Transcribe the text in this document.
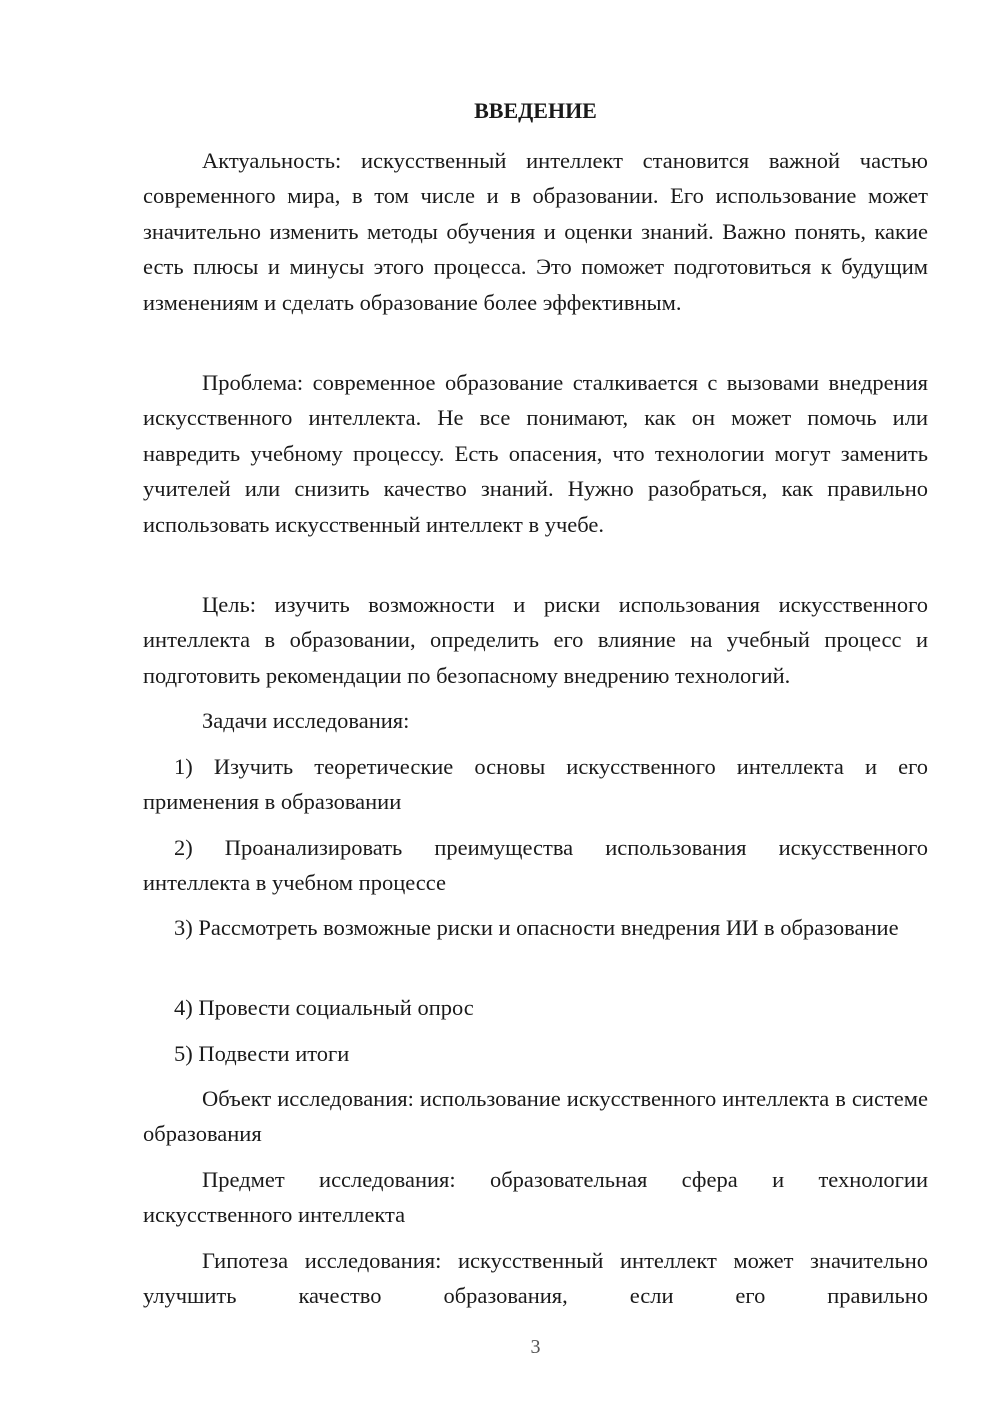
ВВЕДЕНИЕ

Актуальность: искусственный интеллект становится важной частью современного мира, в том числе и в образовании. Его использование может значительно изменить методы обучения и оценки знаний. Важно понять, какие есть плюсы и минусы этого процесса. Это поможет подготовиться к будущим изменениям и сделать образование более эффективным.

Проблема: современное образование сталкивается с вызовами внедрения искусственного интеллекта. Не все понимают, как он может помочь или навредить учебному процессу. Есть опасения, что технологии могут заменить учителей или снизить качество знаний. Нужно разобраться, как правильно использовать искусственный интеллект в учебе.

Цель: изучить возможности и риски использования искусственного интеллекта в образовании, определить его влияние на учебный процесс и подготовить рекомендации по безопасному внедрению технологий.

Задачи исследования:

1) Изучить теоретические основы искусственного интеллекта и его применения в образовании

2) Проанализировать преимущества использования искусственного интеллекта в учебном процессе

3) Рассмотреть возможные риски и опасности внедрения ИИ в образование

4) Провести социальный опрос

5) Подвести итоги

Объект исследования: использование искусственного интеллекта в системе образования

Предмет исследования: образовательная сфера и технологии искусственного интеллекта

Гипотеза исследования: искусственный интеллект может значительно улучшить качество образования, если его правильно

3
